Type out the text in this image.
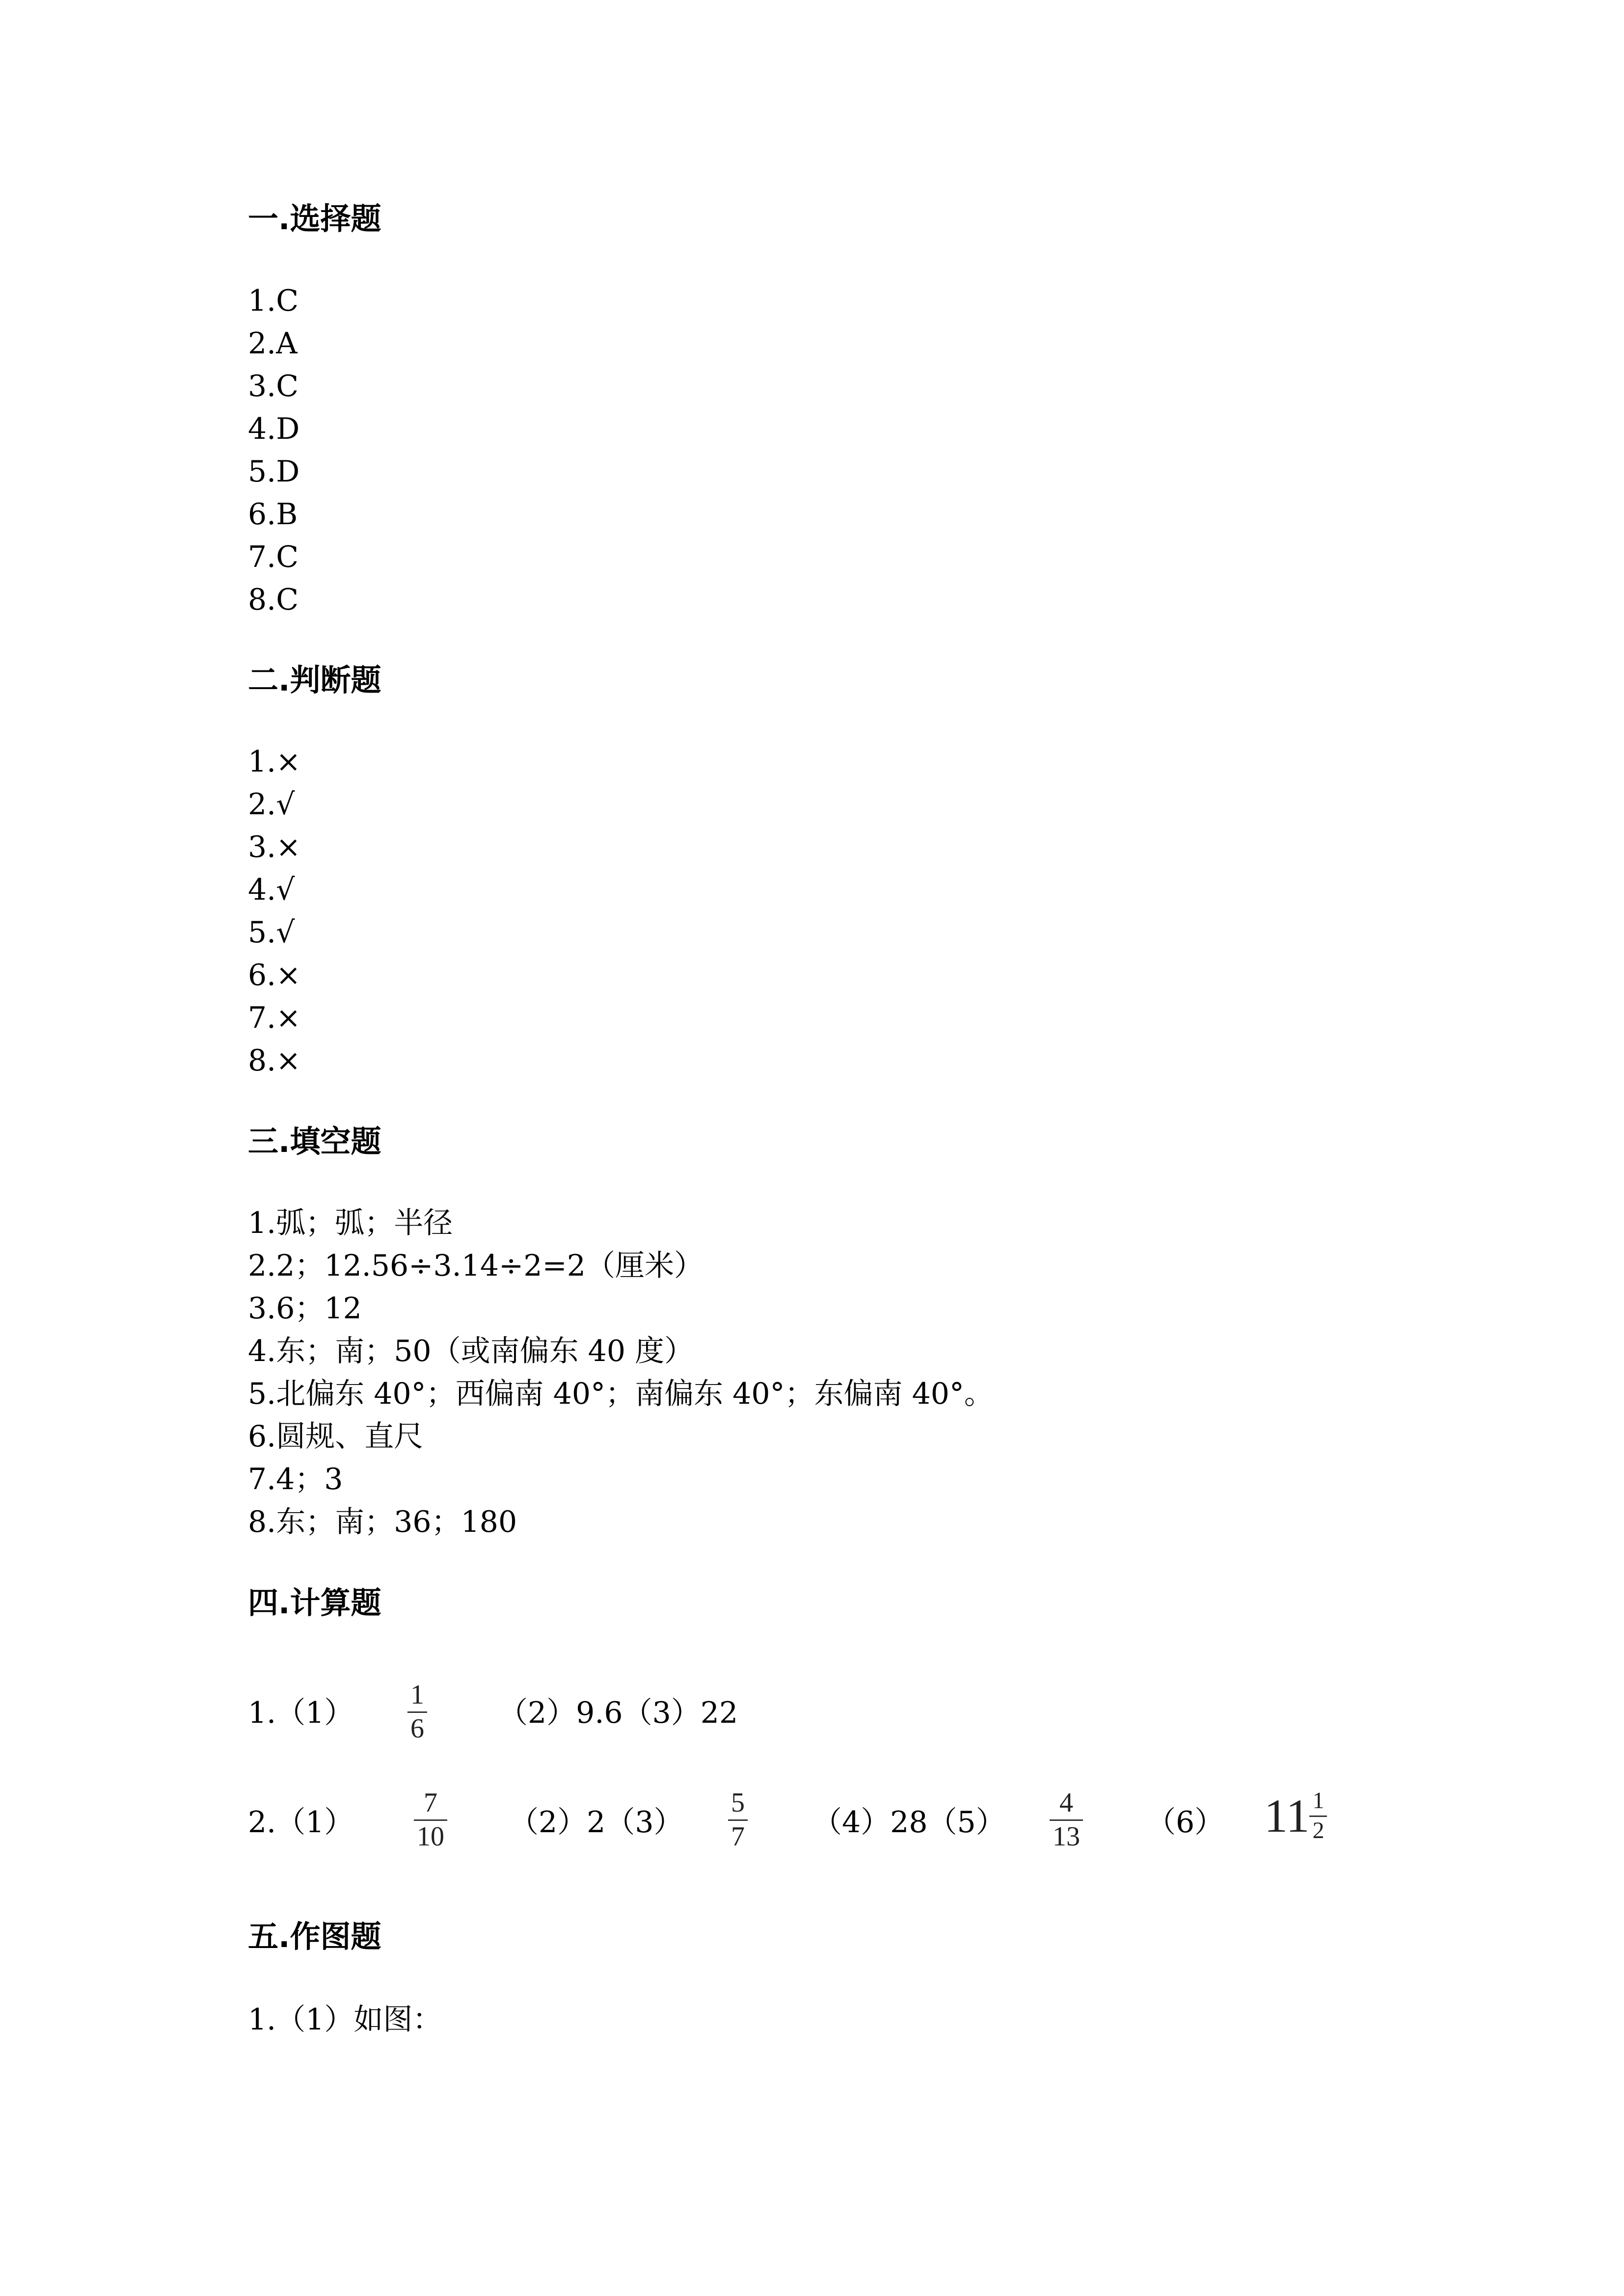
一.选择题
1.C
2.A
3.C
4.D
5.D
6.B
7.C
8.C
二.判断题
1.×
2.√
3.×
4.√
5.√
6.×
7.×
8.×
三.填空题
1.弧；弧；半径
2.2；12.56÷3.14÷2=2（厘米）
3.6；12
4.东；南；50（或南偏东 40 度）
5.北偏东 40°；西偏南 40°；南偏东 40°；东偏南 40°。
6.圆规、直尺
7.4；3
8.东；南；36；180
四.计算题
1.（1）
1
6	（2）9.6（3）22
2.（1）
7
10 （2）2（3）
5
7 （4）28（5）
4
13 （6） $11 \frac{1}{2}$
五.作图题
1.（1）如图：
